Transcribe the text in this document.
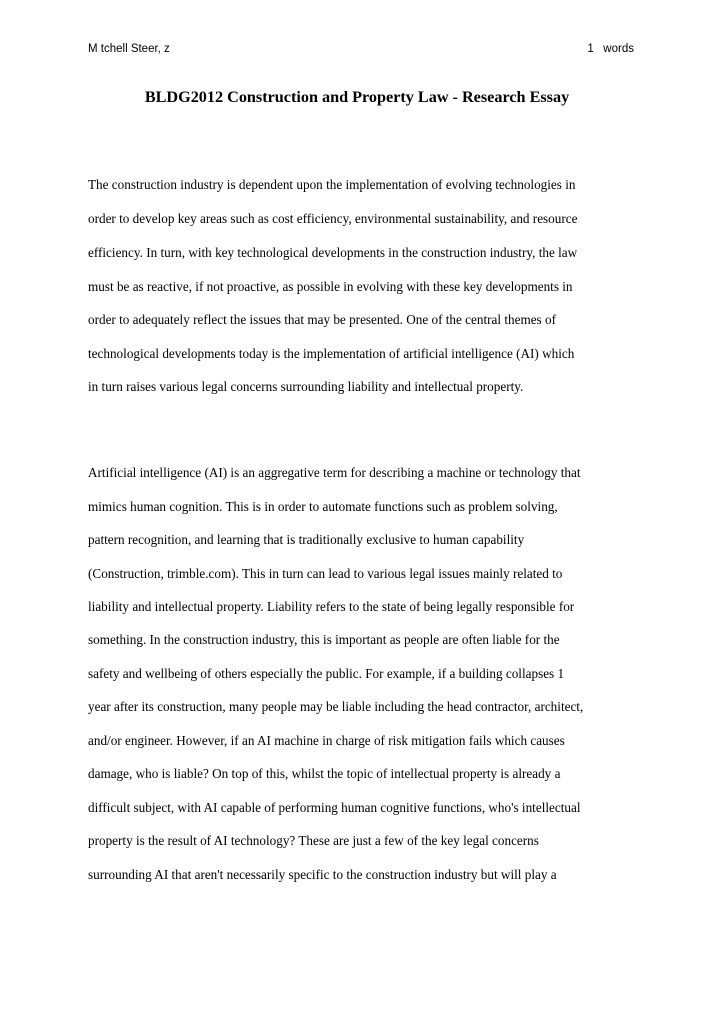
M tchell Steer, z	1   words
BLDG2012 Construction and Property Law - Research Essay
The construction industry is dependent upon the implementation of evolving technologies in
order to develop key areas such as cost efficiency, environmental sustainability, and resource
efficiency. In turn, with key technological developments in the construction industry, the law
must be as reactive, if not proactive, as possible in evolving with these key developments in
order to adequately reflect the issues that may be presented. One of the central themes of
technological developments today is the implementation of artificial intelligence (AI) which
in turn raises various legal concerns surrounding liability and intellectual property.
Artificial intelligence (AI) is an aggregative term for describing a machine or technology that
mimics human cognition. This is in order to automate functions such as problem solving,
pattern recognition, and learning that is traditionally exclusive to human capability
(Construction, trimble.com). This in turn can lead to various legal issues mainly related to
liability and intellectual property. Liability refers to the state of being legally responsible for
something. In the construction industry, this is important as people are often liable for the
safety and wellbeing of others especially the public. For example, if a building collapses 1
year after its construction, many people may be liable including the head contractor, architect,
and/or engineer. However, if an AI machine in charge of risk mitigation fails which causes
damage, who is liable? On top of this, whilst the topic of intellectual property is already a
difficult subject, with AI capable of performing human cognitive functions, who's intellectual
property is the result of AI technology? These are just a few of the key legal concerns
surrounding AI that aren't necessarily specific to the construction industry but will play a
